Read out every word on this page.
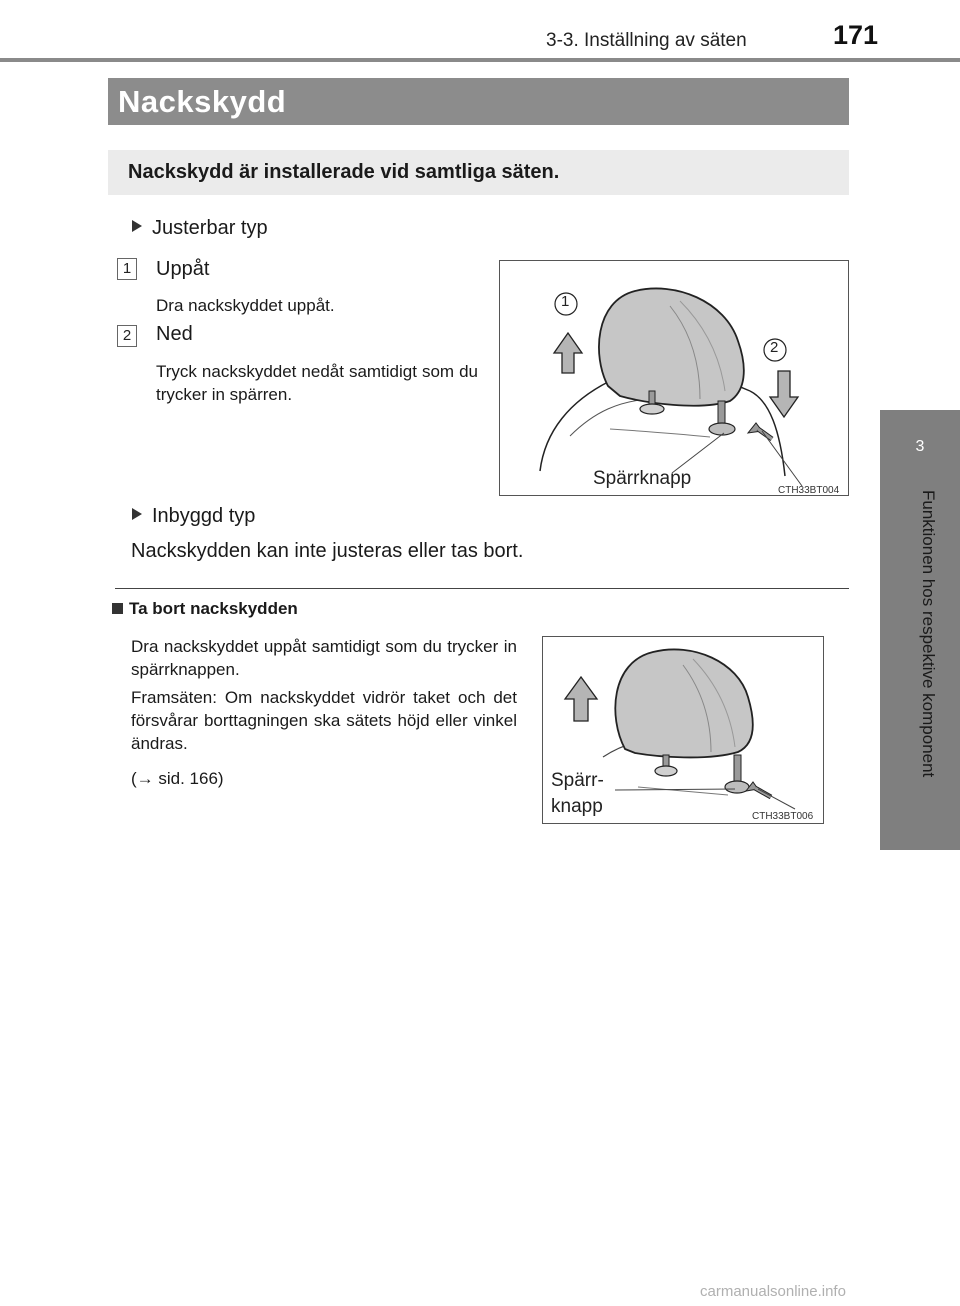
3-3. Inställning av säten	171
3
Funktionen hos respektive komponent
Nackskydd
Nackskydd är installerade vid samtliga säten.
Justerbar typ
1 Uppåt
Dra nackskyddet uppåt.
2 Ned
Tryck nackskyddet nedåt samtidigt som du trycker in spärren.
1
2
Spärrknapp
CTH33BT004
Inbyggd typ
Nackskydden kan inte justeras eller tas bort.
Ta bort nackskydden
Dra nackskyddet uppåt samtidigt som du trycker in spärrknappen.
Framsäten: Om nackskyddet vidrör taket och det försvårar borttagningen ska sätets höjd eller vinkel ändras.
(→ sid. 166)	Spärr-
knapp	CTH33BT006
carmanualsonline.info
